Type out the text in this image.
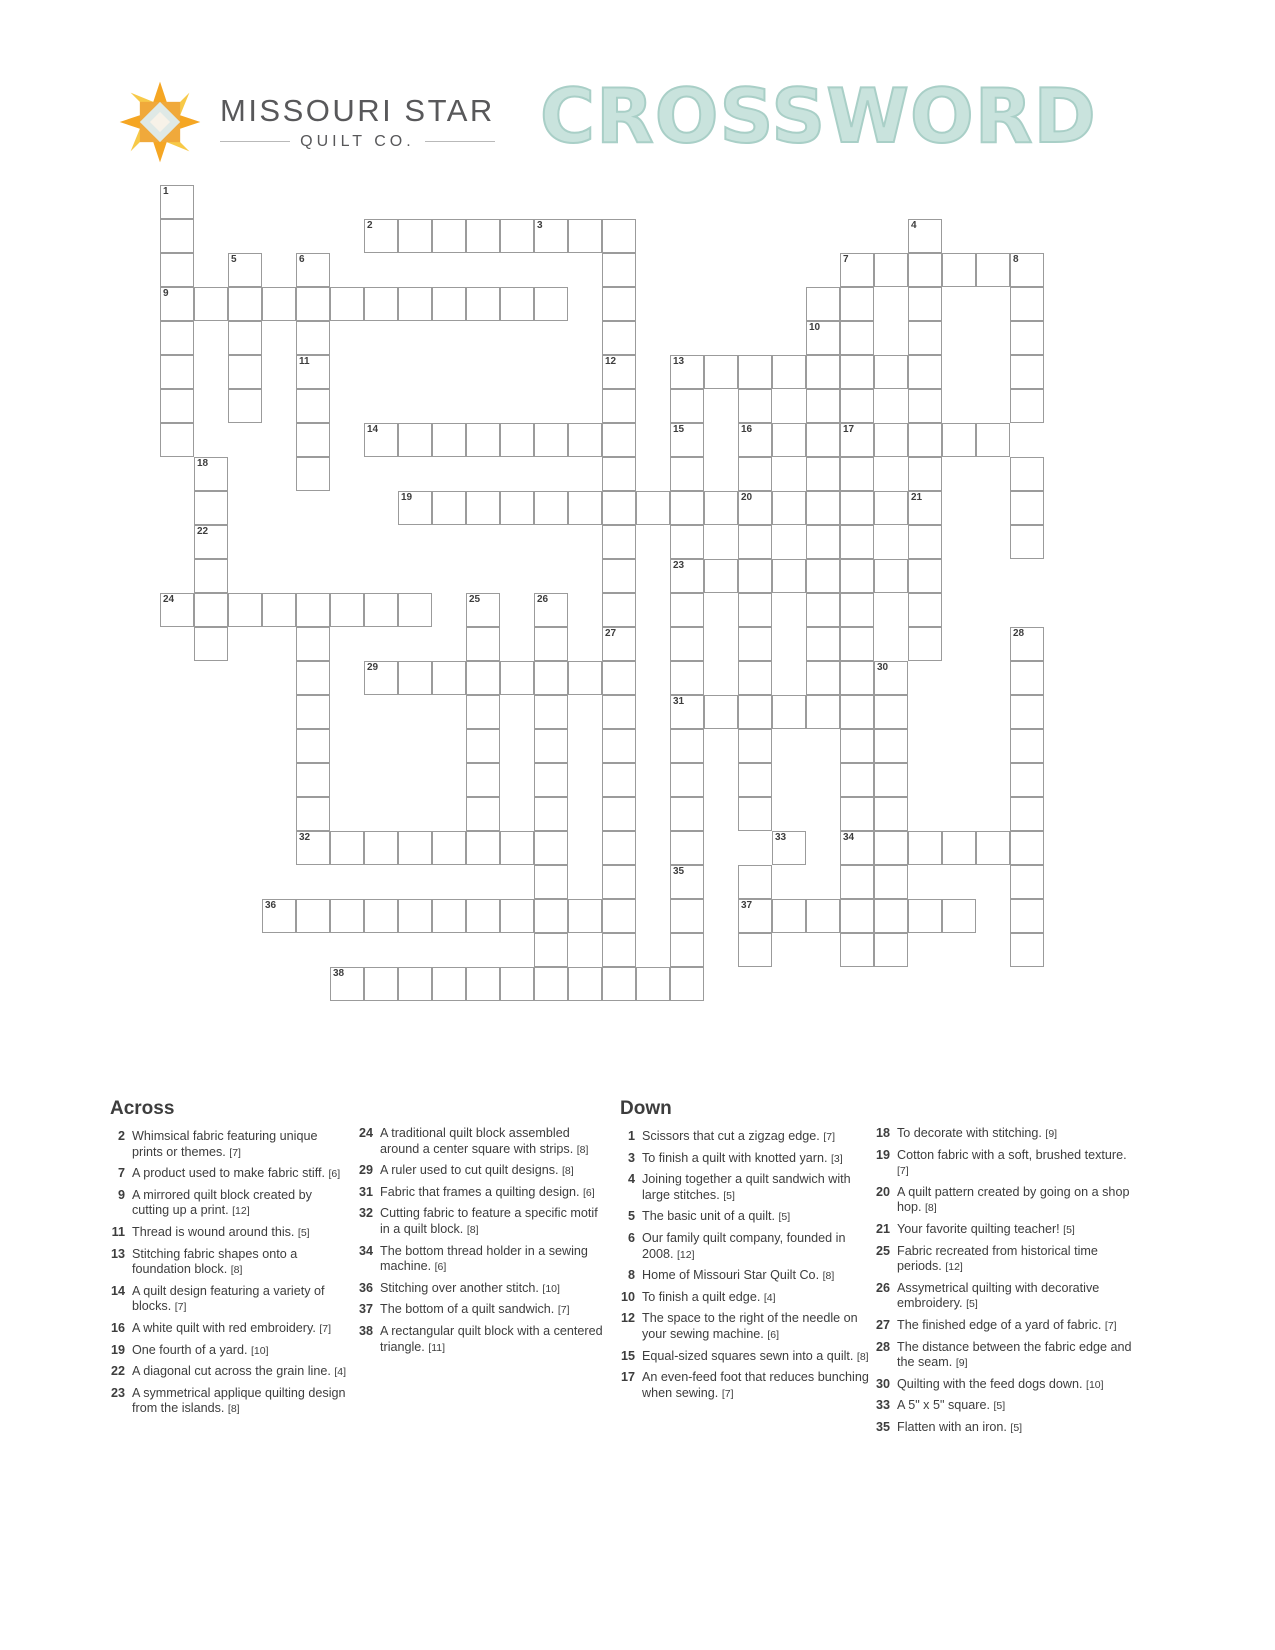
MISSOURI STAR
QUILT CO. CROSSWORD
1
2	3	4
5	6	7	8
9
10
11	12	13
14	15	16	17
18
19	20	21
22
23
24	25	26
27	28
29	30
31
32	33	34
35
36	37
38
Across
2 Whimsical fabric featuring unique prints or themes. [7]
7 A product used to make fabric stiff. [6]
9 A mirrored quilt block created by cutting up a print. [12]
11 Thread is wound around this. [5]
13 Stitching fabric shapes onto a foundation block. [8]
14 A quilt design featuring a variety of blocks. [7]
16 A white quilt with red embroidery. [7]
19 One fourth of a yard. [10]
22 A diagonal cut across the grain line. [4]
23 A symmetrical applique quilting design from the islands. [8]
24 A traditional quilt block assembled around a center square with strips. [8]
29 A ruler used to cut quilt designs. [8]
31 Fabric that frames a quilting design. [6]
32 Cutting fabric to feature a specific motif in a quilt block. [8]
34 The bottom thread holder in a sewing machine. [6]
36 Stitching over another stitch. [10]
37 The bottom of a quilt sandwich. [7]
38 A rectangular quilt block with a centered triangle. [11]
Down
1 Scissors that cut a zigzag edge. [7]
3 To finish a quilt with knotted yarn. [3]
4 Joining together a quilt sandwich with large stitches. [5]
5 The basic unit of a quilt. [5]
6 Our family quilt company, founded in 2008. [12]
8 Home of Missouri Star Quilt Co. [8]
10 To finish a quilt edge. [4]
12 The space to the right of the needle on your sewing machine. [6]
15 Equal-sized squares sewn into a quilt. [8]
17 An even-feed foot that reduces bunching when sewing. [7]
18 To decorate with stitching. [9]
19 Cotton fabric with a soft, brushed texture. [7]
20 A quilt pattern created by going on a shop hop. [8]
21 Your favorite quilting teacher! [5]
25 Fabric recreated from historical time periods. [12]
26 Assymetrical quilting with decorative embroidery. [5]
27 The finished edge of a yard of fabric. [7]
28 The distance between the fabric edge and the seam. [9]
30 Quilting with the feed dogs down. [10]
33 A 5" x 5" square. [5]
35 Flatten with an iron. [5]
